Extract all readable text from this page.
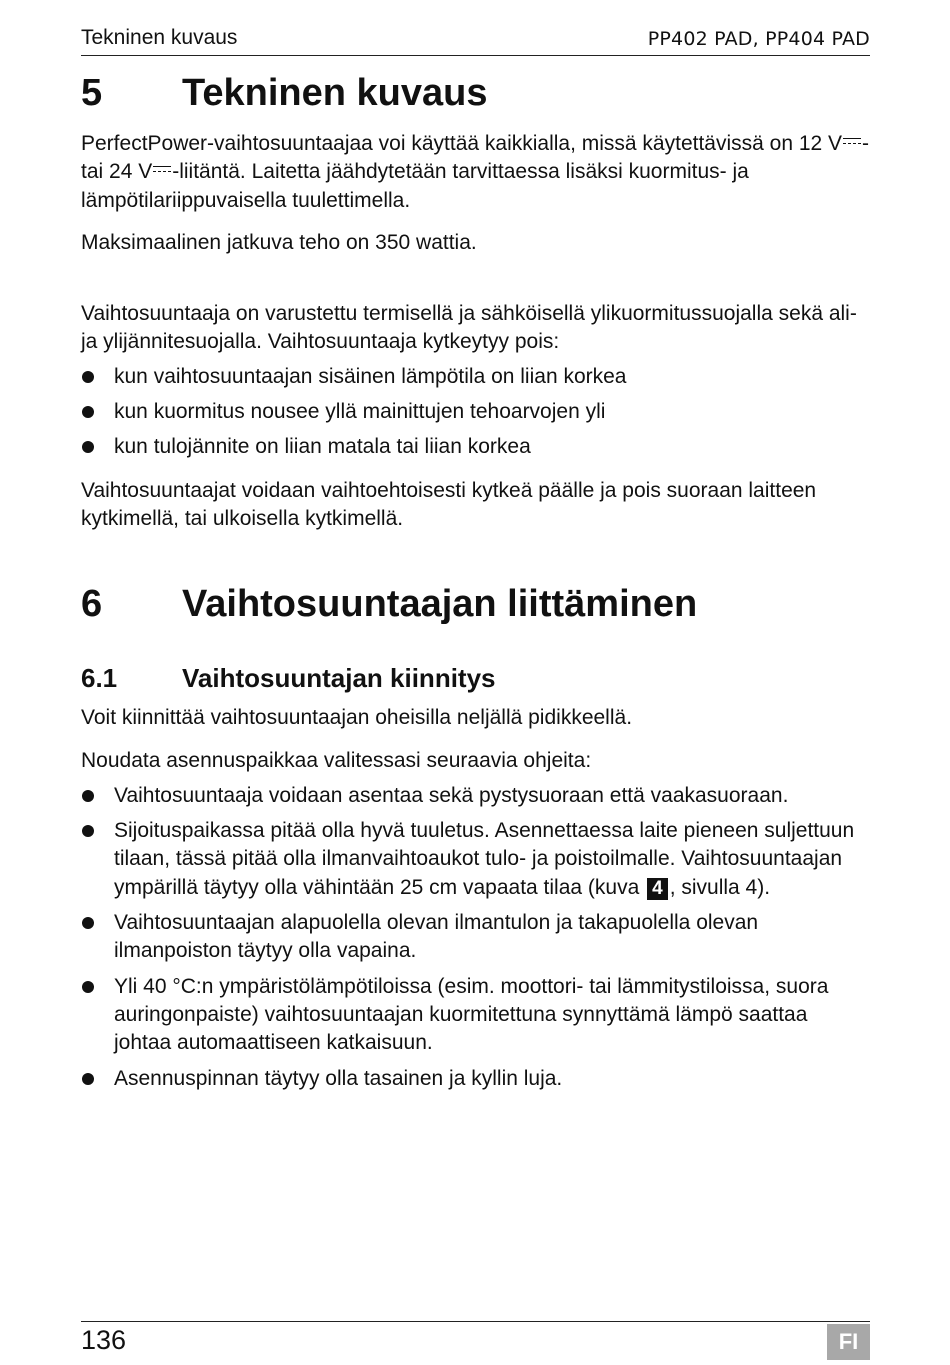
Tekninen kuvaus	PP402 PAD, PP404 PAD
5	Tekninen kuvaus

PerfectPower-vaihtosuuntaajaa voi käyttää kaikkialla, missä käytettävissä on 12 V - tai 24 V -liitäntä. Laitetta jäähdytetään tarvittaessa lisäksi kuormitus- ja lämpötilariippuvaisella tuulettimella.

Maksimaalinen jatkuva teho on 350 wattia.

Vaihtosuuntaaja on varustettu termisellä ja sähköisellä ylikuormitussuojalla sekä ali- ja ylijännitesuojalla. Vaihtosuuntaaja kytkeytyy pois:

kun vaihtosuuntaajan sisäinen lämpötila on liian korkea
kun kuormitus nousee yllä mainittujen tehoarvojen yli
kun tulojännite on liian matala tai liian korkea

Vaihtosuuntaajat voidaan vaihtoehtoisesti kytkeä päälle ja pois suoraan laitteen kytkimellä, tai ulkoisella kytkimellä.

6	Vaihtosuuntaajan liittäminen
6.1	Vaihtosuuntajan kiinnitys

Voit kiinnittää vaihtosuuntaajan oheisilla neljällä pidikkeellä.

Noudata asennuspaikkaa valitessasi seuraavia ohjeita:

Vaihtosuuntaaja voidaan asentaa sekä pystysuoraan että vaakasuoraan.
Sijoituspaikassa pitää olla hyvä tuuletus. Asennettaessa laite pieneen suljettuun tilaan, tässä pitää olla ilmanvaihtoaukot tulo- ja poistoilmalle. Vaihtosuuntaajan ympärillä täytyy olla vähintään 25 cm vapaata tilaa (kuva 4 , sivulla 4).
Vaihtosuuntaajan alapuolella olevan ilmantulon ja takapuolella olevan ilmanpoiston täytyy olla vapaina.
Yli 40 °C:n ympäristölämpötiloissa (esim. moottori- tai lämmitystiloissa, suora auringonpaiste) vaihtosuuntaajan kuormitettuna synnyttämä lämpö saattaa johtaa automaattiseen katkaisuun.
Asennuspinnan täytyy olla tasainen ja kyllin luja.
136	FI
